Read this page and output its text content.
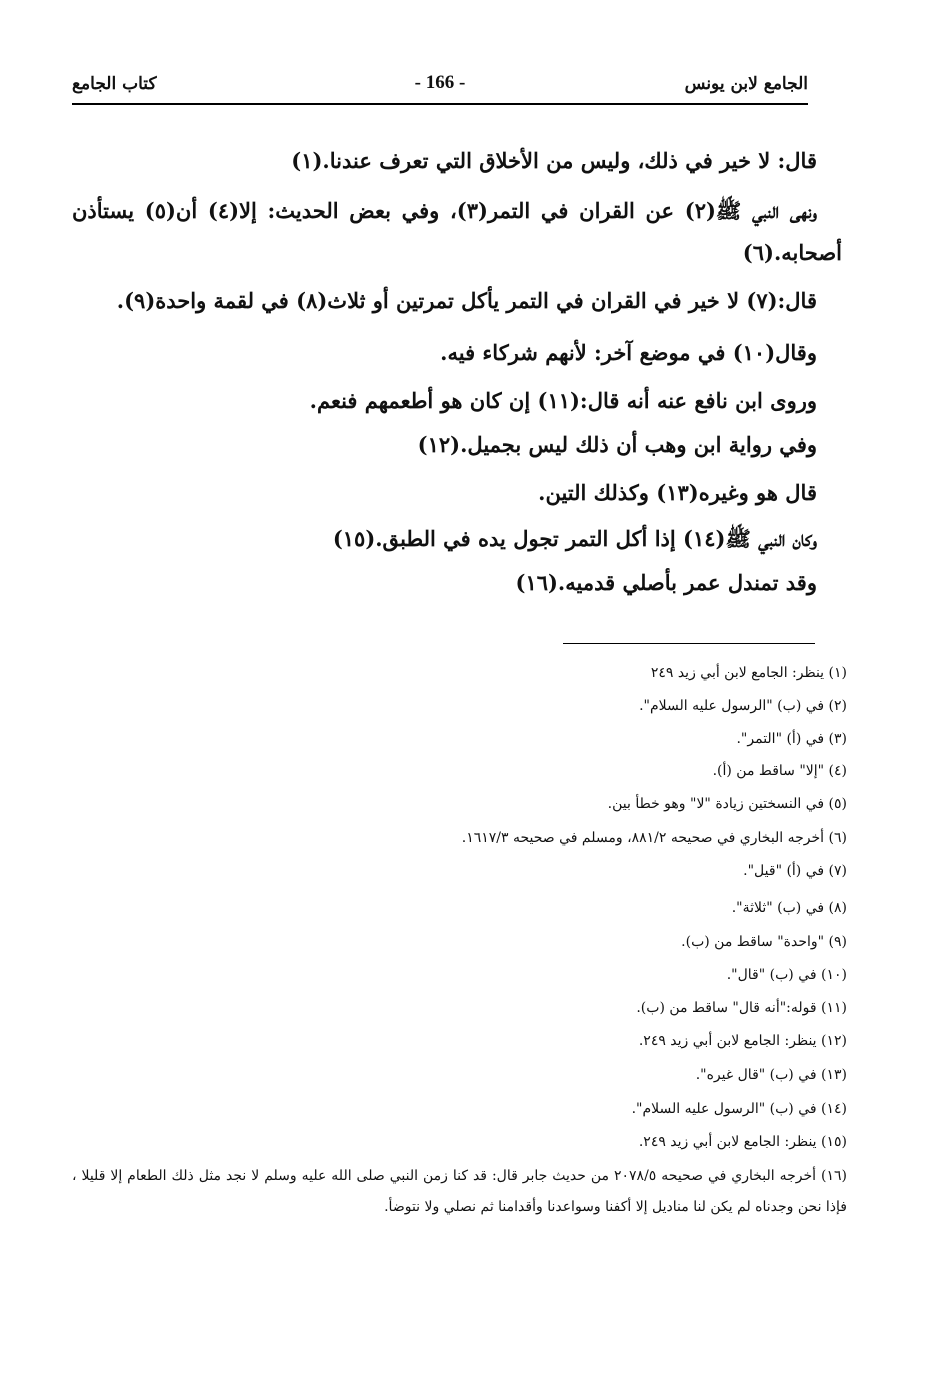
الجامع لابن يونس
- 166 -
كتاب الجامع
قال: لا خير في ذلك، وليس من الأخلاق التي تعرف عندنا.(١)
ونهى النبي ﷺ(٢) عن القران في التمر(٣)، وفي بعض الحديث: إلا(٤) أن(٥) يستأذن
أصحابه.(٦)
قال:(٧) لا خير في القران في التمر يأكل تمرتين أو ثلاث(٨) في لقمة واحدة(٩).
وقال(١٠) في موضع آخر: لأنهم شركاء فيه.
وروى ابن نافع عنه أنه قال:(١١) إن كان هو أطعمهم فنعم.
وفي رواية ابن وهب أن ذلك ليس بجميل.(١٢)
قال هو وغيره(١٣) وكذلك التين.
وكان النبي ﷺ(١٤) إذا أكل التمر تجول يده في الطبق.(١٥)
وقد تمندل عمر بأصلي قدميه.(١٦)
(١) ينظر: الجامع لابن أبي زيد ٢٤٩
(٢) في (ب) "الرسول عليه السلام".
(٣) في (أ) "التمر".
(٤) "إلا" ساقط من (أ).
(٥) في النسختين زيادة "لا" وهو خطأ بين.
(٦) أخرجه البخاري في صحيحه ٨٨١/٢، ومسلم في صحيحه ١٦١٧/٣.
(٧) في (أ) "قيل".
(٨) في (ب) "ثلاثة".
(٩) "واحدة" ساقط من (ب).
(١٠) في (ب) "قال".
(١١) قوله:"أنه قال" ساقط من (ب).
(١٢) ينظر: الجامع لابن أبي زيد ٢٤٩.
(١٣) في (ب) "قال غيره".
(١٤) في (ب) "الرسول عليه السلام".
(١٥) ينظر: الجامع لابن أبي زيد ٢٤٩.
(١٦) أخرجه البخاري في صحيحه ٢٠٧٨/٥ من حديث جابر قال: قد كنا زمن النبي صلى الله عليه وسلم لا نجد مثل ذلك الطعام إلا قليلا ، فإذا نحن وجدناه لم يكن لنا مناديل إلا أكفنا وسواعدنا وأقدامنا ثم نصلي ولا نتوضأ.
